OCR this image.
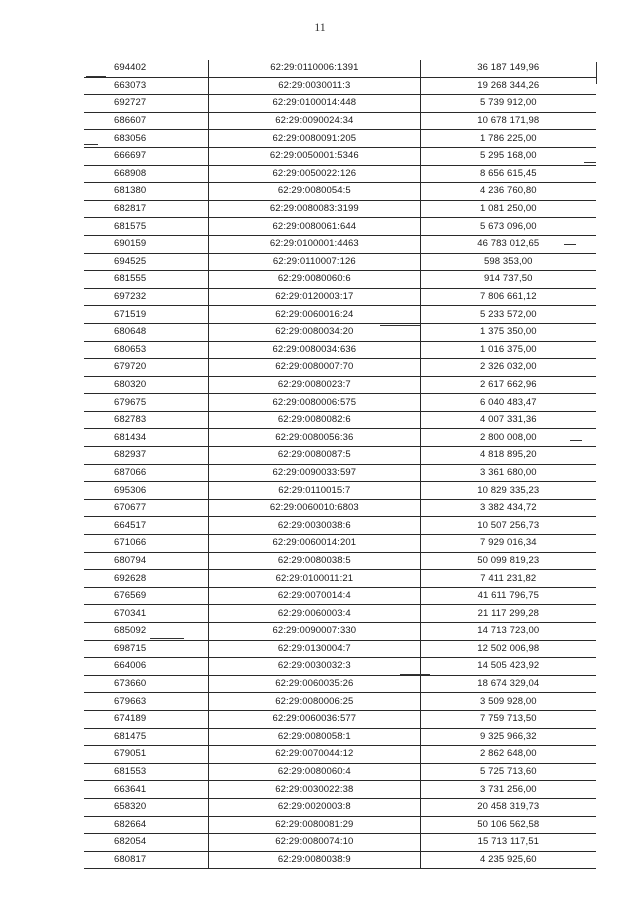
11
694402	62:29:0110006:1391	36 187 149,96
663073	62:29:0030011:3	19 268 344,26
692727	62:29:0100014:448	5 739 912,00
686607	62:29:0090024:34	10 678 171,98
683056	62:29:0080091:205	1 786 225,00
666697	62:29:0050001:5346	5 295 168,00
668908	62:29:0050022:126	8 656 615,45
681380	62:29:0080054:5	4 236 760,80
682817	62:29:0080083:3199	1 081 250,00
681575	62:29:0080061:644	5 673 096,00
690159	62:29:0100001:4463	46 783 012,65
694525	62:29:0110007:126	598 353,00
681555	62:29:0080060:6	914 737,50
697232	62:29:0120003:17	7 806 661,12
671519	62:29:0060016:24	5 233 572,00
680648	62:29:0080034:20	1 375 350,00
680653	62:29:0080034:636	1 016 375,00
679720	62:29:0080007:70	2 326 032,00
680320	62:29:0080023:7	2 617 662,96
679675	62:29:0080006:575	6 040 483,47
682783	62:29:0080082:6	4 007 331,36
681434	62:29:0080056:36	2 800 008,00
682937	62:29:0080087:5	4 818 895,20
687066	62:29:0090033:597	3 361 680,00
695306	62:29:0110015:7	10 829 335,23
670677	62:29:0060010:6803	3 382 434,72
664517	62:29:0030038:6	10 507 256,73
671066	62:29:0060014:201	7 929 016,34
680794	62:29:0080038:5	50 099 819,23
692628	62:29:0100011:21	7 411 231,82
676569	62:29:0070014:4	41 611 796,75
670341	62:29:0060003:4	21 117 299,28
685092	62:29:0090007:330	14 713 723,00
698715	62:29:0130004:7	12 502 006,98
664006	62:29:0030032:3	14 505 423,92
673660	62:29:0060035:26	18 674 329,04
679663	62:29:0080006:25	3 509 928,00
674189	62:29:0060036:577	7 759 713,50
681475	62:29:0080058:1	9 325 966,32
679051	62:29:0070044:12	2 862 648,00
681553	62:29:0080060:4	5 725 713,60
663641	62:29:0030022:38	3 731 256,00
658320	62:29:0020003:8	20 458 319,73
682664	62:29:0080081:29	50 106 562,58
682054	62:29:0080074:10	15 713 117,51
680817	62:29:0080038:9	4 235 925,60
